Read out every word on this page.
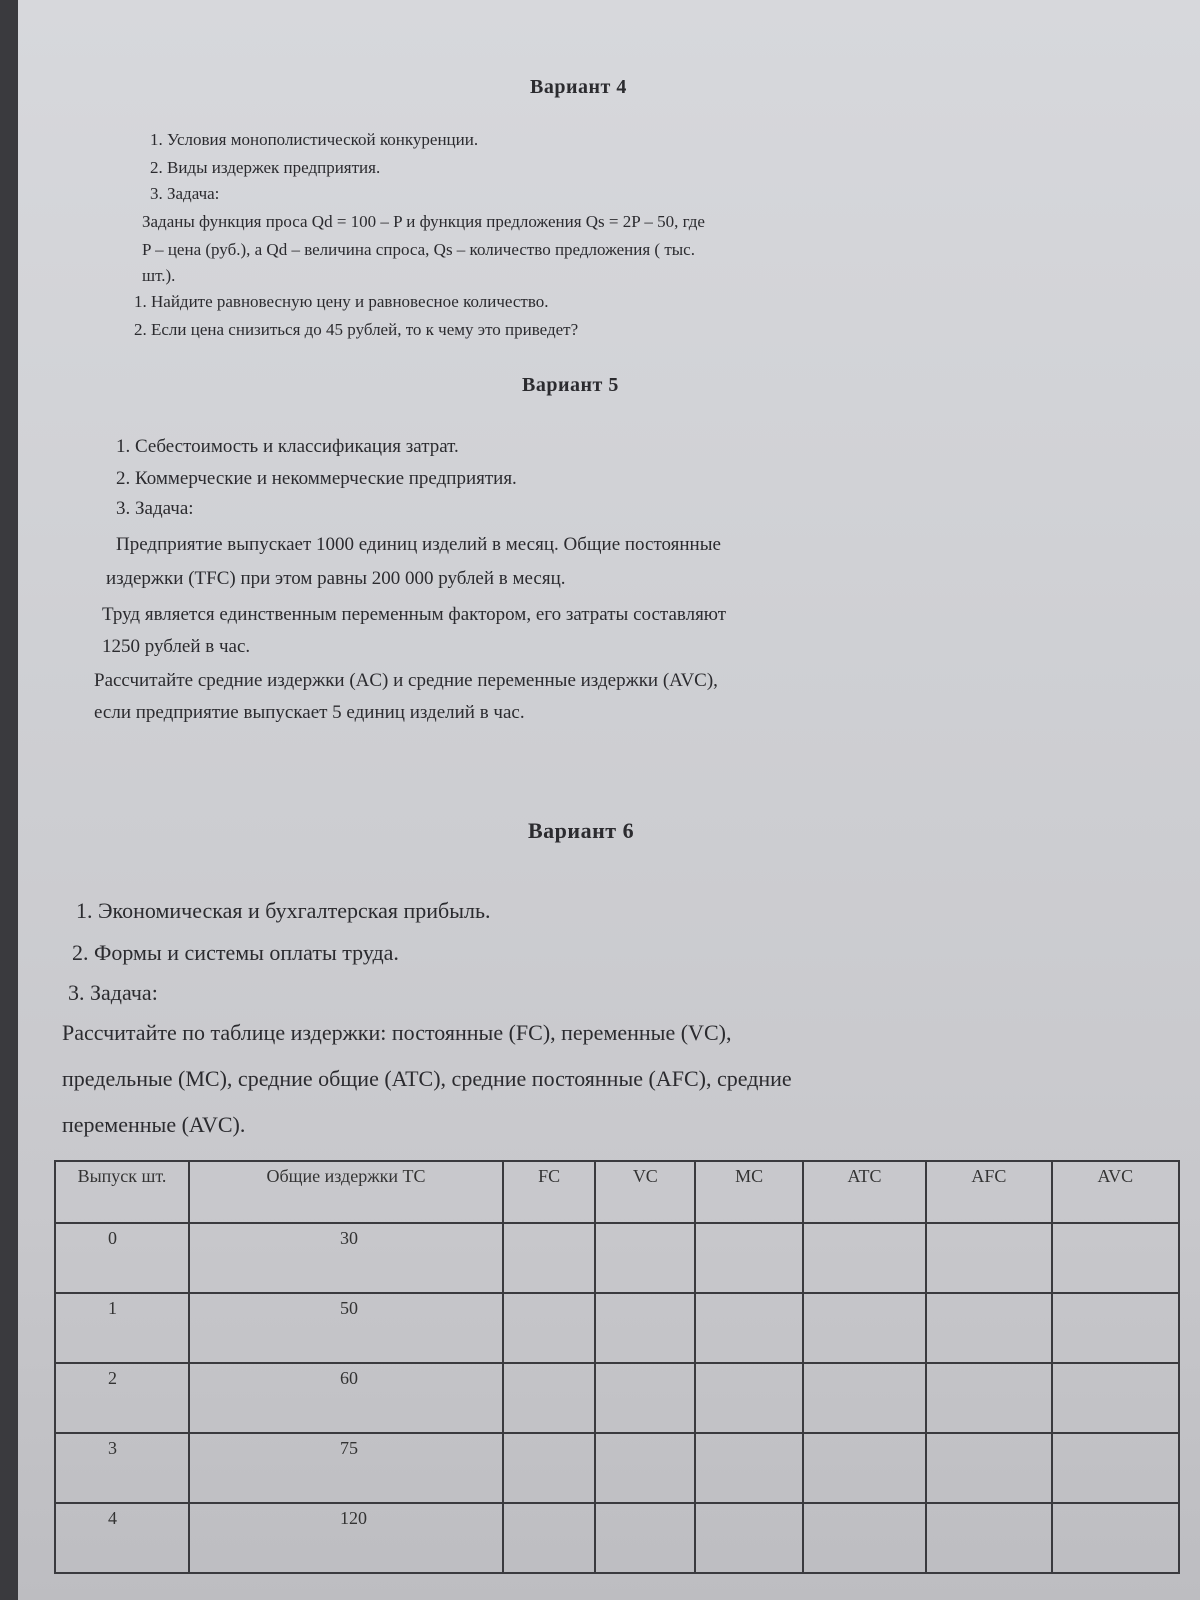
Вариант 4
1. Условия монополистической конкуренции.
2. Виды издержек предприятия.
3. Задача:
Заданы функция проса Qd = 100 – P и функция предложения Qs = 2P – 50, где
P – цена (руб.), а Qd – величина спроса, Qs – количество предложения ( тыс.
шт.).
1. Найдите равновесную цену и равновесное количество.
2. Если цена снизиться до 45 рублей, то к чему это приведет?
Вариант 5
1. Себестоимость и классификация затрат.
2. Коммерческие и некоммерческие предприятия.
3. Задача:
Предприятие выпускает 1000 единиц изделий в месяц. Общие постоянные
издержки (TFC) при этом равны 200 000 рублей в месяц.
Труд является единственным переменным фактором, его затраты составляют
1250 рублей в час.
Рассчитайте средние издержки (AC) и средние переменные издержки (AVC),
если предприятие выпускает 5 единиц изделий в час.
Вариант 6
1. Экономическая и бухгалтерская прибыль.
2. Формы и системы оплаты труда.
3. Задача:
Рассчитайте по таблице издержки: постоянные (FC), переменные (VC),
предельные (MC), средние общие (ATC), средние постоянные (AFC), средние
переменные (AVC).
Выпуск шт.	Общие издержки TC	FC	VC	MC	ATC	AFC	AVC
0	30						
1	50						
2	60						
3	75						
4	120						
